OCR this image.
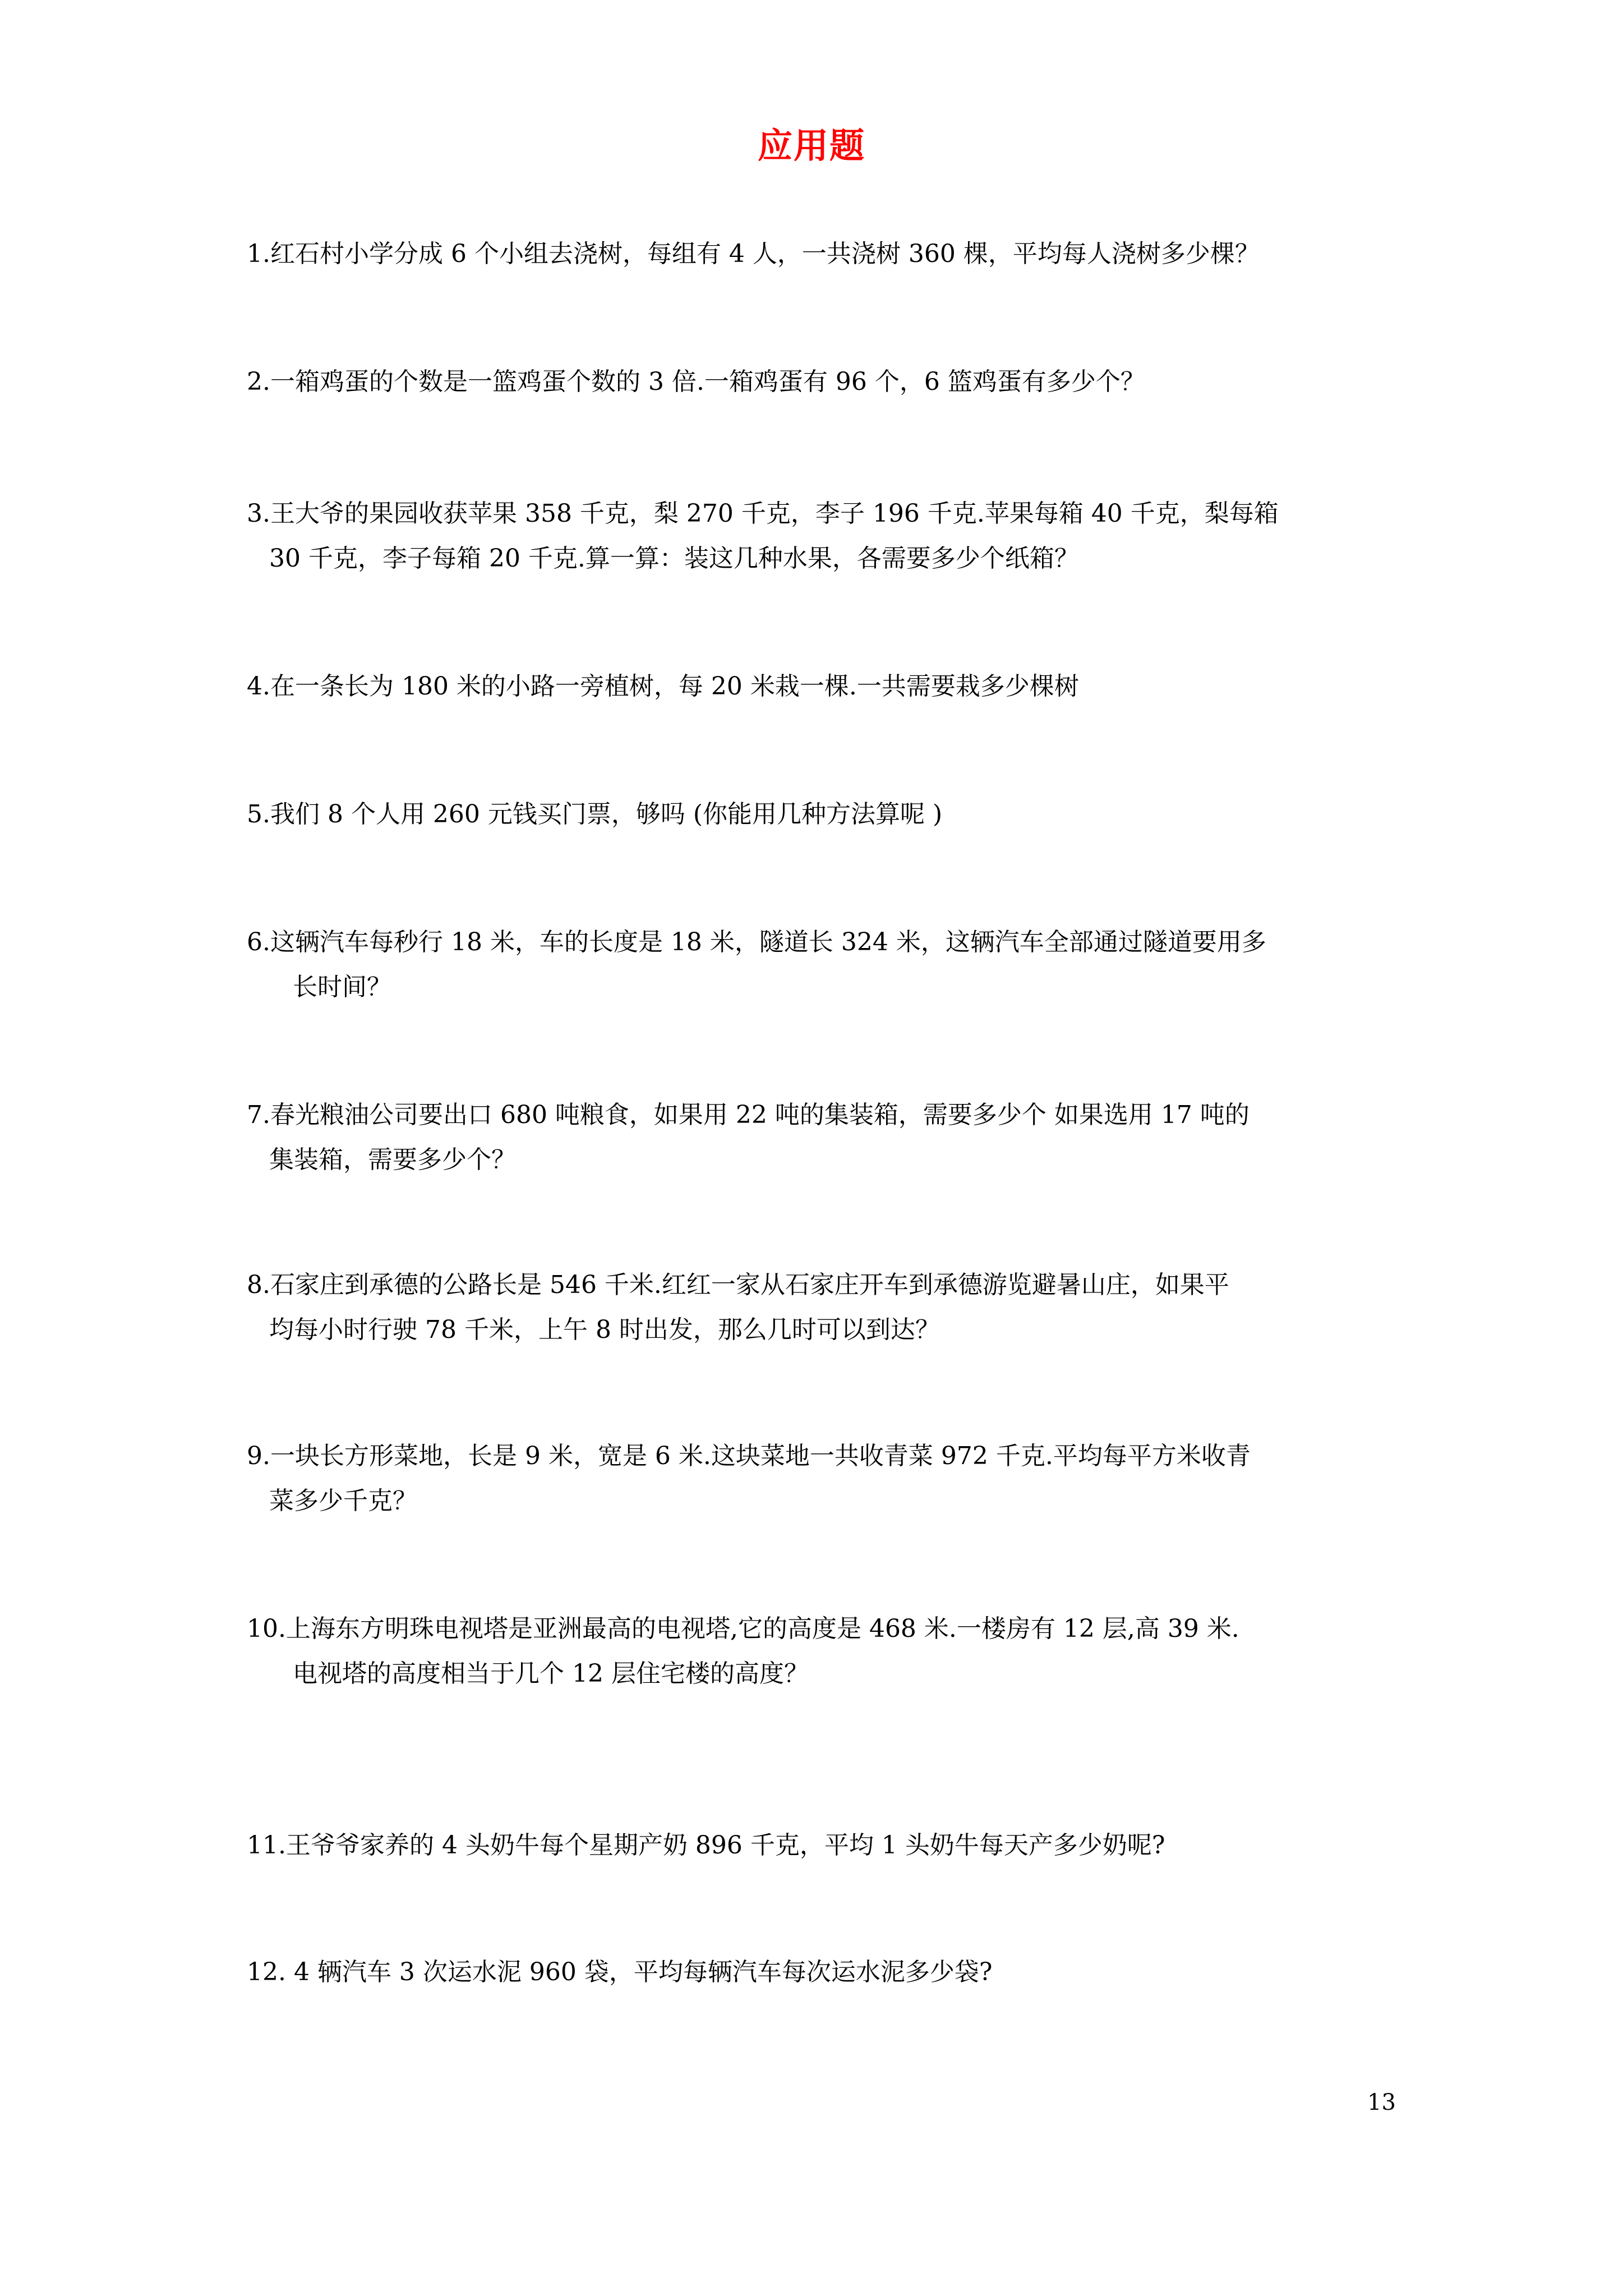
应用题
1.红石村小学分成 6 个小组去浇树，每组有 4 人，一共浇树 360 棵，平均每人浇树多少棵？
2.一箱鸡蛋的个数是一篮鸡蛋个数的 3 倍.一箱鸡蛋有 96 个，6 篮鸡蛋有多少个？
3.王大爷的果园收获苹果 358 千克，梨 270 千克，李子 196 千克.苹果每箱 40 千克，梨每箱
30 千克，李子每箱 20 千克.算一算：装这几种水果，各需要多少个纸箱？
4.在一条长为 180 米的小路一旁植树，每 20 米栽一棵.一共需要栽多少棵树
5.我们 8 个人用 260 元钱买门票，够吗 (你能用几种方法算呢 )
6.这辆汽车每秒行 18 米，车的长度是 18 米，隧道长 324 米，这辆汽车全部通过隧道要用多
长时间？
7.春光粮油公司要出口 680 吨粮食，如果用 22 吨的集装箱，需要多少个 如果选用 17 吨的
集装箱，需要多少个？
8.石家庄到承德的公路长是 546 千米.红红一家从石家庄开车到承德游览避暑山庄，如果平
均每小时行驶 78 千米，上午 8 时出发，那么几时可以到达？
9.一块长方形菜地，长是 9 米，宽是 6 米.这块菜地一共收青菜 972 千克.平均每平方米收青
菜多少千克？
10.上海东方明珠电视塔是亚洲最高的电视塔,它的高度是 468 米.一楼房有 12 层,高 39 米.
电视塔的高度相当于几个 12 层住宅楼的高度？
11.王爷爷家养的 4 头奶牛每个星期产奶 896 千克，平均 1 头奶牛每天产多少奶呢?
12. 4 辆汽车 3 次运水泥 960 袋，平均每辆汽车每次运水泥多少袋?
13
